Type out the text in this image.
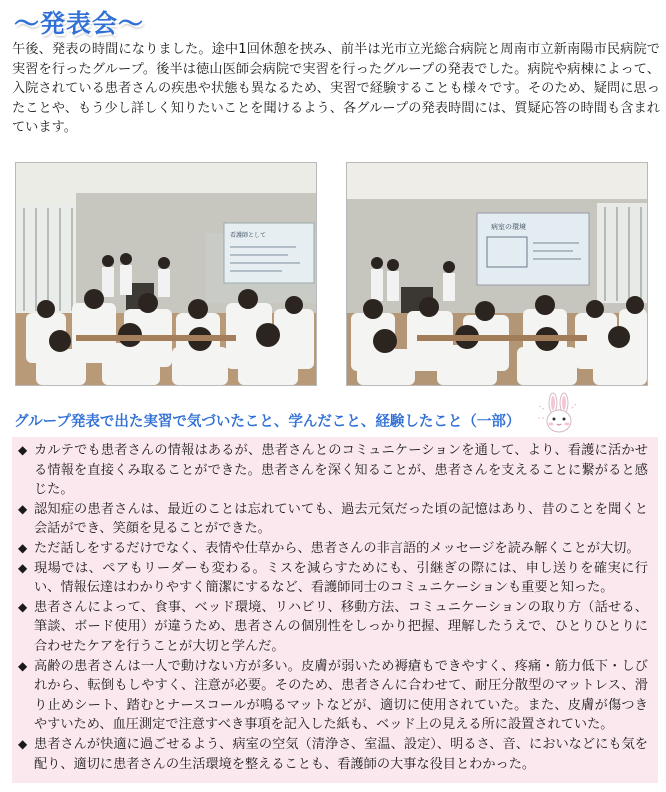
～発表会～

午後、発表の時間になりました。途中1回休憩を挟み、前半は光市立光総合病院と周南市立新南陽市民病院で実習を行ったグループ。後半は徳山医師会病院で実習を行ったグループの発表でした。病院や病棟によって、入院されている患者さんの疾患や状態も異なるため、実習で経験することも様々です。そのため、疑問に思ったことや、もう少し詳しく知りたいことを聞けるよう、各グループの発表時間には、質疑応答の時間も含まれています。

看護師として
病室の環境
グループ発表で出た実習で気づいたこと、学んだこと、経験したこと（一部）
◆ カルテでも患者さんの情報はあるが、患者さんとのコミュニケーションを通して、より、看護に活かせる情報を直接くみ取ることができた。患者さんを深く知ることが、患者さんを支えることに繋がると感じた。
◆ 認知症の患者さんは、最近のことは忘れていても、過去元気だった頃の記憶はあり、昔のことを聞くと会話ができ、笑顔を見ることができた。
◆ ただ話しをするだけでなく、表情や仕草から、患者さんの非言語的メッセージを読み解くことが大切。
◆ 現場では、ペアもリーダーも変わる。ミスを減らすためにも、引継ぎの際には、申し送りを確実に行い、情報伝達はわかりやすく簡潔にするなど、看護師同士のコミュニケーションも重要と知った。
◆ 患者さんによって、食事、ベッド環境、リハビリ、移動方法、コミュニケーションの取り方（話せる、筆談、ボード使用）が違うため、患者さんの個別性をしっかり把握、理解したうえで、ひとりひとりに合わせたケアを行うことが大切と学んだ。
◆ 高齢の患者さんは一人で動けない方が多い。皮膚が弱いため褥瘡もできやすく、疼痛・筋力低下・しびれから、転倒もしやすく、注意が必要。そのため、患者さんに合わせて、耐圧分散型のマットレス、滑り止めシート、踏むとナースコールが鳴るマットなどが、適切に使用されていた。また、皮膚が傷つきやすいため、血圧測定で注意すべき事項を記入した紙も、ベッド上の見える所に設置されていた。
◆ 患者さんが快適に過ごせるよう、病室の空気（清浄さ、室温、設定）、明るさ、音、においなどにも気を配り、適切に患者さんの生活環境を整えることも、看護師の大事な役目とわかった。
